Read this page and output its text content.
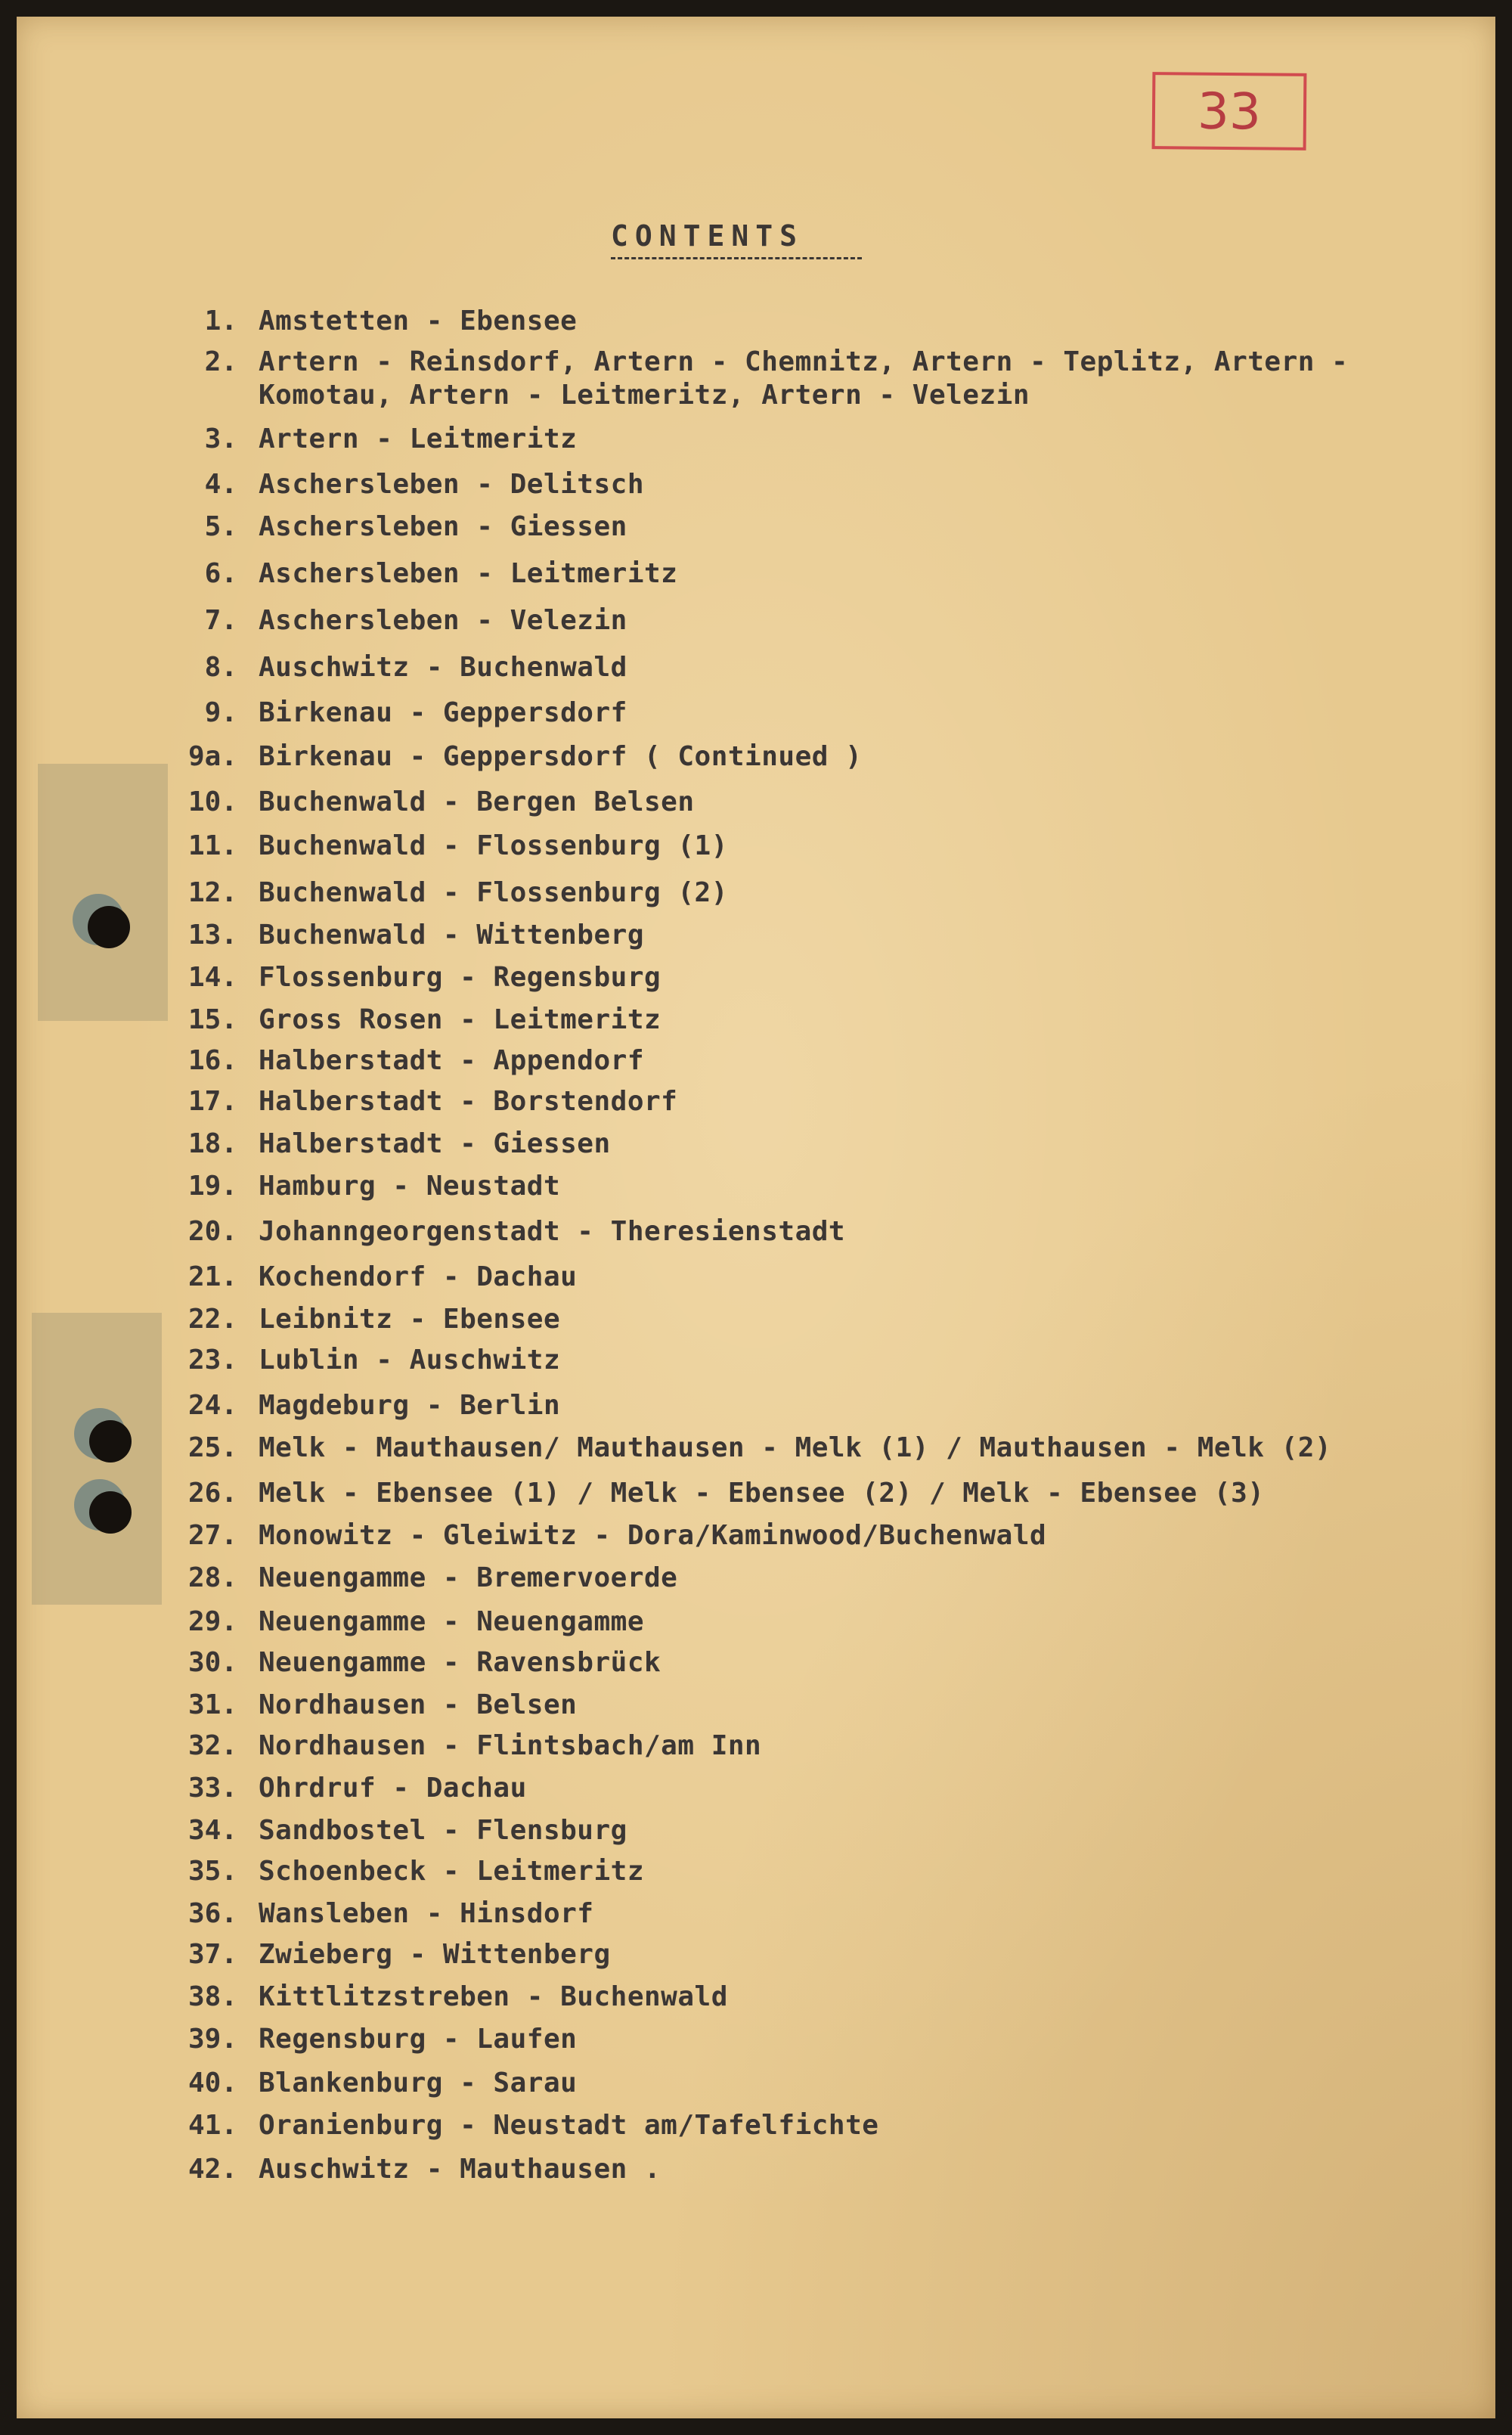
33
CONTENTS
1. Amstetten - Ebensee
2. Artern - Reinsdorf, Artern - Chemnitz, Artern - Teplitz, Artern -
Komotau, Artern - Leitmeritz, Artern - Velezin
3. Artern - Leitmeritz
4. Aschersleben - Delitsch
5. Aschersleben - Giessen
6. Aschersleben - Leitmeritz
7. Aschersleben - Velezin
8. Auschwitz - Buchenwald
9. Birkenau - Geppersdorf
9a. Birkenau - Geppersdorf ( Continued )
10. Buchenwald - Bergen Belsen
11. Buchenwald - Flossenburg (1)
12. Buchenwald - Flossenburg (2)
13. Buchenwald - Wittenberg
14. Flossenburg - Regensburg
15. Gross Rosen - Leitmeritz
16. Halberstadt - Appendorf
17. Halberstadt - Borstendorf
18. Halberstadt - Giessen
19. Hamburg - Neustadt
20. Johanngeorgenstadt - Theresienstadt
21. Kochendorf - Dachau
22. Leibnitz - Ebensee
23. Lublin - Auschwitz
24. Magdeburg - Berlin
25. Melk - Mauthausen/ Mauthausen - Melk (1) / Mauthausen - Melk (2)
26. Melk - Ebensee (1) / Melk - Ebensee (2) / Melk - Ebensee (3)
27. Monowitz - Gleiwitz - Dora/Kaminwood/Buchenwald
28. Neuengamme - Bremervoerde
29. Neuengamme - Neuengamme
30. Neuengamme - Ravensbrück
31. Nordhausen - Belsen
32. Nordhausen - Flintsbach/am Inn
33. Ohrdruf - Dachau
34. Sandbostel - Flensburg
35. Schoenbeck - Leitmeritz
36. Wansleben - Hinsdorf
37. Zwieberg - Wittenberg
38. Kittlitzstreben - Buchenwald
39. Regensburg - Laufen
40. Blankenburg - Sarau
41. Oranienburg - Neustadt am/Tafelfichte
42. Auschwitz - Mauthausen .
